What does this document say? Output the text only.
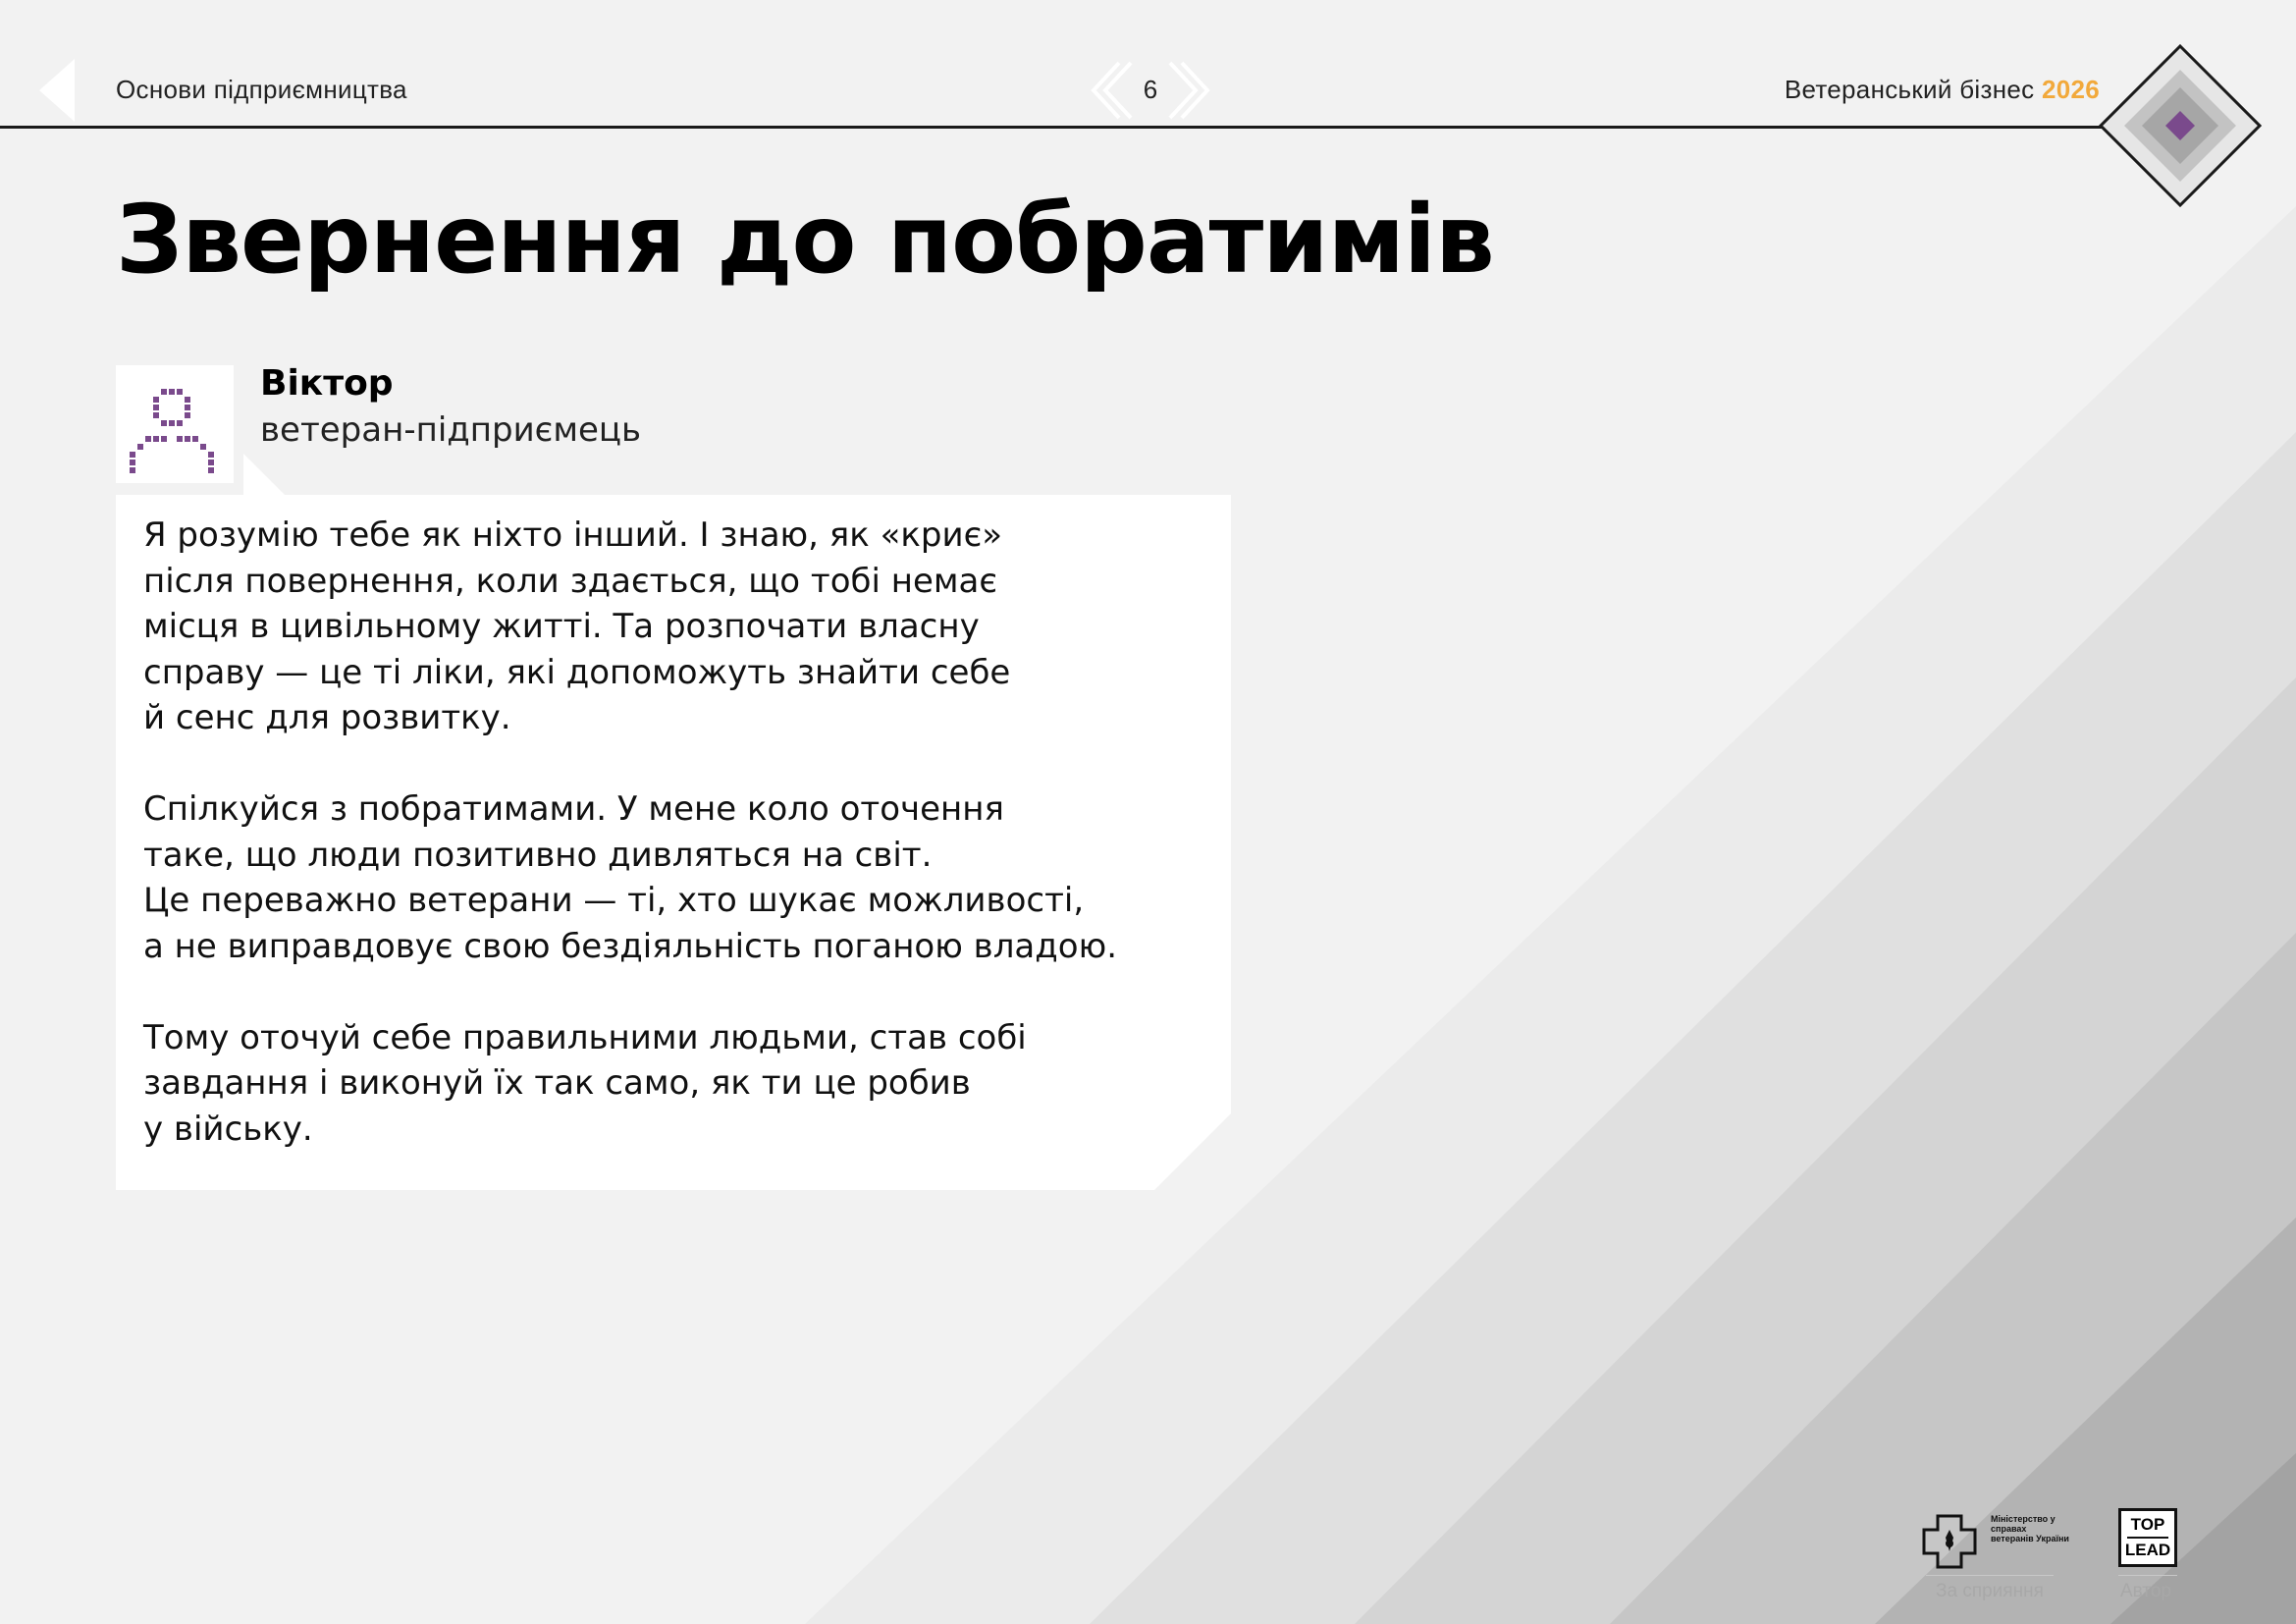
Основи підприємництва	6	Ветеранський бізнес 2026
Звернення до побратимів
Віктор
ветеран-підприємець

Я розумію тебе як ніхто інший. І знаю, як «криє»
після повернення, коли здається, що тобі немає
місця в цивільному житті. Та розпочати власну
справу — це ті ліки, які допоможуть знайти себе
й сенс для розвитку.

Спілкуйся з побратимами. У мене коло оточення
таке, що люди позитивно дивляться на світ.
Це переважно ветерани — ті, хто шукає можливості,
а не виправдовує свою бездіяльність поганою владою.

Тому оточуй себе правильними людьми, став собі
завдання і виконуй їх так само, як ти це робив
у війську.

Міністерство у справах ветеранів України
TOP
LEAD
За сприяння	Автор
